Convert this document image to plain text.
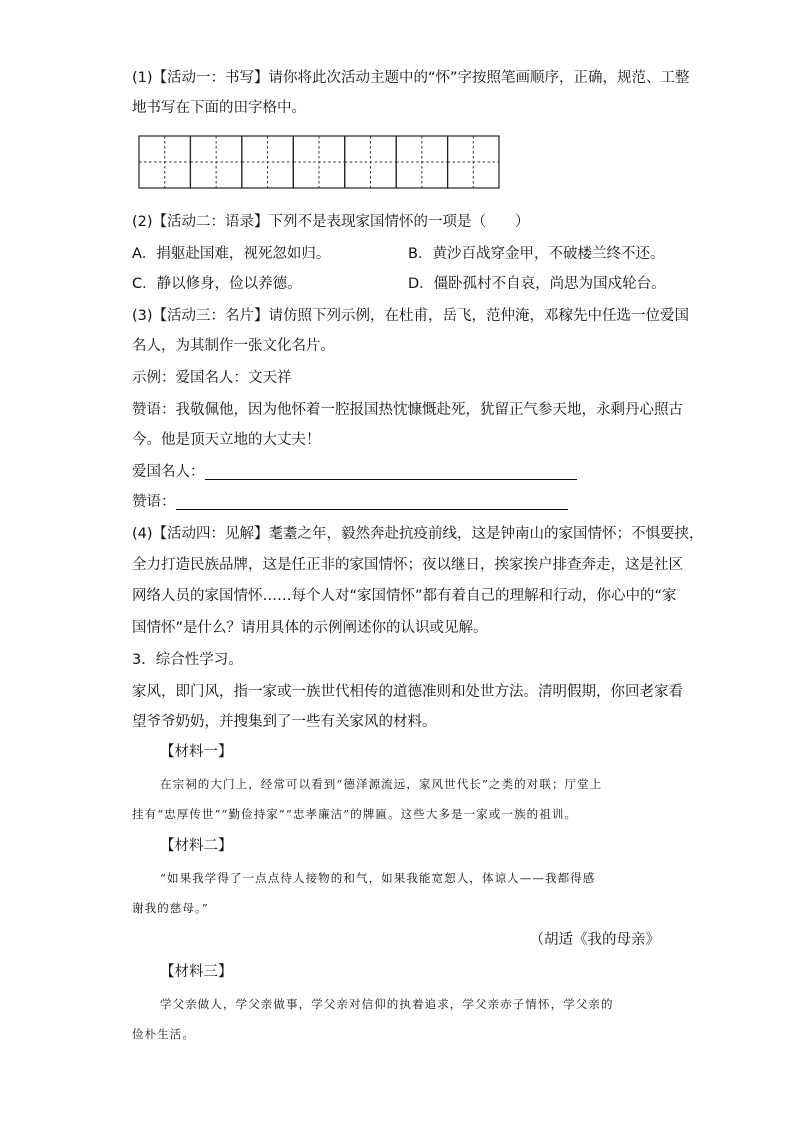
(1)【活动一：书写】请你将此次活动主题中的“怀”字按照笔画顺序，正确，规范、工整
地书写在下面的田字格中。
(2)【活动二：语录】下列不是表现家国情怀的一项是（　　）
A．捐躯赴国难，视死忽如归。	B．黄沙百战穿金甲，不破楼兰终不还。
C．静以修身，俭以养德。	D．僵卧孤村不自哀，尚思为国戍轮台。
(3)【活动三：名片】请仿照下列示例，在杜甫，岳飞，范仲淹，邓稼先中任选一位爱国
名人，为其制作一张文化名片。
示例：爱国名人：文天祥
赞语：我敬佩他，因为他怀着一腔报国热忱慷慨赴死，犹留正气参天地，永剩丹心照古
今。他是顶天立地的大丈夫！
爱国名人：
赞语：
(4)【活动四：见解】耄耋之年，毅然奔赴抗疫前线，这是钟南山的家国情怀；不惧要挟，
全力打造民族品牌，这是任正非的家国情怀；夜以继日，挨家挨户排查奔走，这是社区
网络人员的家国情怀……每个人对“家国情怀”都有着自己的理解和行动，你心中的“家
国情怀”是什么？请用具体的示例阐述你的认识或见解。
3．综合性学习。
家风，即门风，指一家或一族世代相传的道德准则和处世方法。清明假期，你回老家看
望爷爷奶奶，并搜集到了一些有关家风的材料。
【材料一】
在宗祠的大门上，经常可以看到“德泽源流远，家风世代长”之类的对联；厅堂上
挂有“忠厚传世”“勤俭持家”“忠孝廉洁”的牌匾。这些大多是一家或一族的祖训。
【材料二】
“如果我学得了一点点待人接物的和气，如果我能宽恕人，体谅人——我都得感
谢我的慈母。”
（胡适《我的母亲》
【材料三】
学父亲做人，学父亲做事，学父亲对信仰的执着追求，学父亲赤子情怀，学父亲的
俭朴生活。
